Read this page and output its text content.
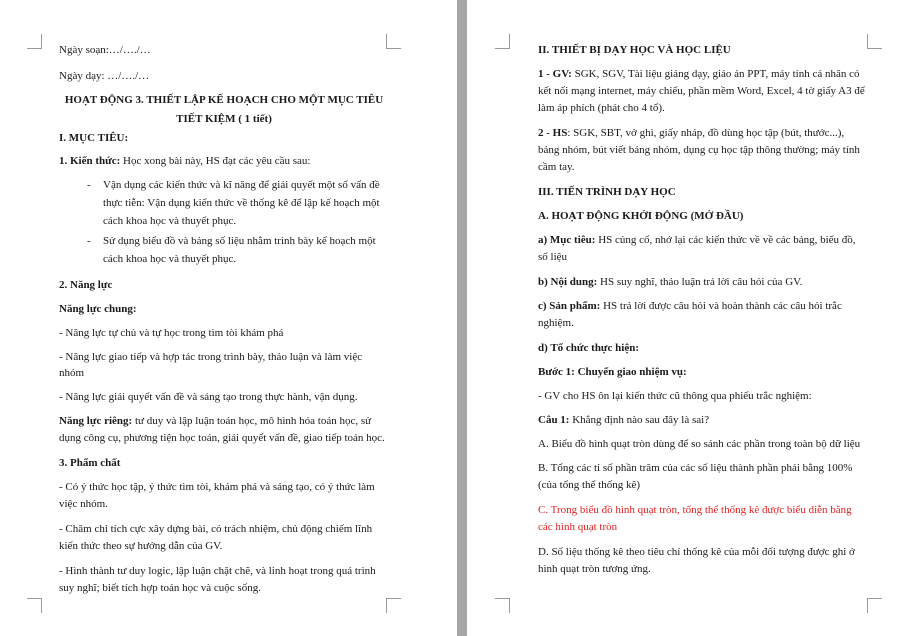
Ngày soạn:…/…./…

Ngày dạy: …/…./…

HOẠT ĐỘNG 3. THIẾT LẬP KẾ HOẠCH CHO MỘT MỤC TIÊU

TIẾT KIỆM ( 1 tiết)

I. MỤC TIÊU:

1. Kiến thức: Học xong bài này, HS đạt các yêu cầu sau:

- Vận dụng các kiến thức và kĩ năng để giải quyết một số vấn đề thực tiễn: Vận dụng kiến thức về thống kê để lập kế hoạch một cách khoa học và thuyết phục.
- Sử dụng biểu đồ và bảng số liệu nhằm trình bày kế hoạch một cách khoa học và thuyết phục.

2. Năng lực

Năng lực chung:

- Năng lực tự chủ và tự học trong tìm tòi khám phá

- Năng lực giao tiếp và hợp tác trong trình bày, thảo luận và làm việc nhóm

- Năng lực giải quyết vấn đề và sáng tạo trong thực hành, vận dụng.

Năng lực riêng: tư duy và lập luận toán học, mô hình hóa toán học, sử dụng công cụ, phương tiện học toán, giải quyết vấn đề, giao tiếp toán học.

3. Phẩm chất

- Có ý thức học tập, ý thức tìm tòi, khám phá và sáng tạo, có ý thức làm việc nhóm.

- Chăm chỉ tích cực xây dựng bài, có trách nhiệm, chủ động chiếm lĩnh kiến thức theo sự hướng dẫn của GV.

- Hình thành tư duy logic, lập luận chặt chẽ, và linh hoạt trong quá trình suy nghĩ; biết tích hợp toán học và cuộc sống.

II. THIẾT BỊ DẠY HỌC VÀ HỌC LIỆU

1 - GV: SGK, SGV, Tài liệu giảng dạy, giáo án PPT, máy tính cá nhân có kết nối mạng internet, máy chiếu, phần mềm Word, Excel, 4 tờ giấy A3 để làm áp phích (phát cho 4 tổ).

2 - HS: SGK, SBT, vở ghi, giấy nháp, đồ dùng học tập (bút, thước...), bảng nhóm, bút viết bảng nhóm, dụng cụ học tập thông thường; máy tính cầm tay.

III. TIẾN TRÌNH DẠY HỌC

A. HOẠT ĐỘNG KHỞI ĐỘNG (MỞ ĐẦU)

a) Mục tiêu: HS củng cố, nhớ lại các kiến thức về về các bảng, biểu đồ, số liệu

b) Nội dung: HS suy nghĩ, thảo luận trả lời câu hỏi của GV.

c) Sản phẩm: HS trả lời được câu hỏi và hoàn thành các câu hỏi trắc nghiệm.

d) Tổ chức thực hiện:

Bước 1: Chuyển giao nhiệm vụ:

- GV cho HS ôn lại kiến thức cũ thông qua phiếu trắc nghiệm:

Câu 1: Khẳng định nào sau đây là sai?

A. Biểu đồ hình quạt tròn dùng để so sánh các phần trong toàn bộ dữ liệu

B. Tổng các tỉ số phần trăm của các số liệu thành phần phải bằng 100% (của tổng thể thống kê)

C. Trong biểu đồ hình quạt tròn, tổng thể thống kê được biểu diễn bằng các hình quạt tròn

D. Số liệu thống kê theo tiêu chí thống kê của mỗi đối tượng được ghi ở hình quạt tròn tương ứng.
